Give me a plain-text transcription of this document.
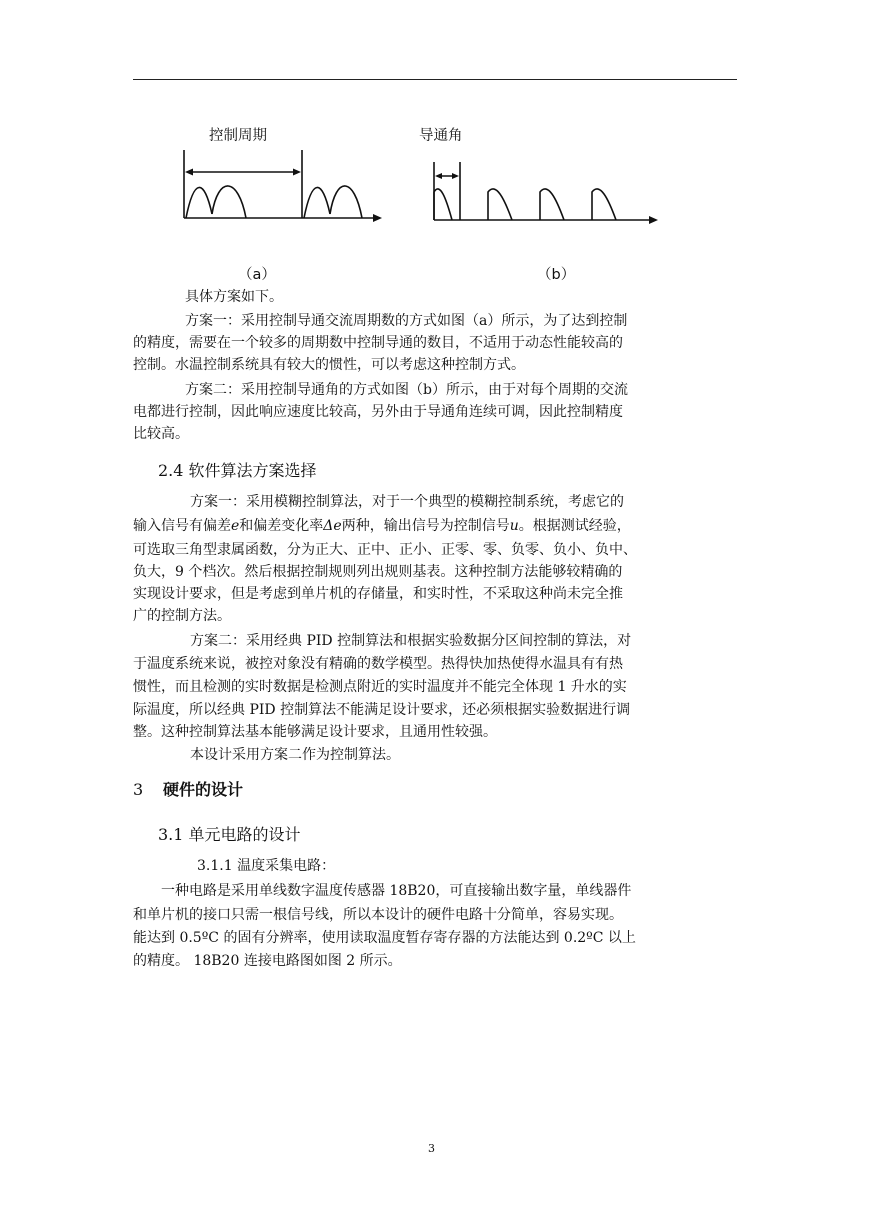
控制周期	导通角
（a）	（b）
具体方案如下。
方案一：采用控制导通交流周期数的方式如图（a）所示，为了达到控制
的精度，需要在一个较多的周期数中控制导通的数目，不适用于动态性能较高的
控制。水温控制系统具有较大的惯性，可以考虑这种控制方式。
方案二：采用控制导通角的方式如图（b）所示，由于对每个周期的交流
电都进行控制，因此响应速度比较高，另外由于导通角连续可调，因此控制精度
比较高。
2.4 软件算法方案选择
方案一：采用模糊控制算法，对于一个典型的模糊控制系统，考虑它的
输入信号有偏差e和偏差变化率Δe两种，输出信号为控制信号u。根据测试经验，
可选取三角型隶属函数，分为正大、正中、正小、正零、零、负零、负小、负中、
负大，9 个档次。然后根据控制规则列出规则基表。这种控制方法能够较精确的
实现设计要求，但是考虑到单片机的存储量，和实时性，不采取这种尚未完全推
广的控制方法。
方案二：采用经典 PID 控制算法和根据实验数据分区间控制的算法，对
于温度系统来说，被控对象没有精确的数学模型。热得快加热使得水温具有有热
惯性，而且检测的实时数据是检测点附近的实时温度并不能完全体现 1 升水的实
际温度，所以经典 PID 控制算法不能满足设计要求，还必须根据实验数据进行调
整。这种控制算法基本能够满足设计要求，且通用性较强。
本设计采用方案二作为控制算法。
3 硬件的设计
3.1 单元电路的设计
3.1.1 温度采集电路：
一种电路是采用单线数字温度传感器 18B20，可直接输出数字量，单线器件
和单片机的接口只需一根信号线，所以本设计的硬件电路十分简单，容易实现。
能达到 0.5ºC 的固有分辨率，使用读取温度暂存寄存器的方法能达到 0.2ºC 以上
的精度。 18B20 连接电路图如图 2 所示。
3
